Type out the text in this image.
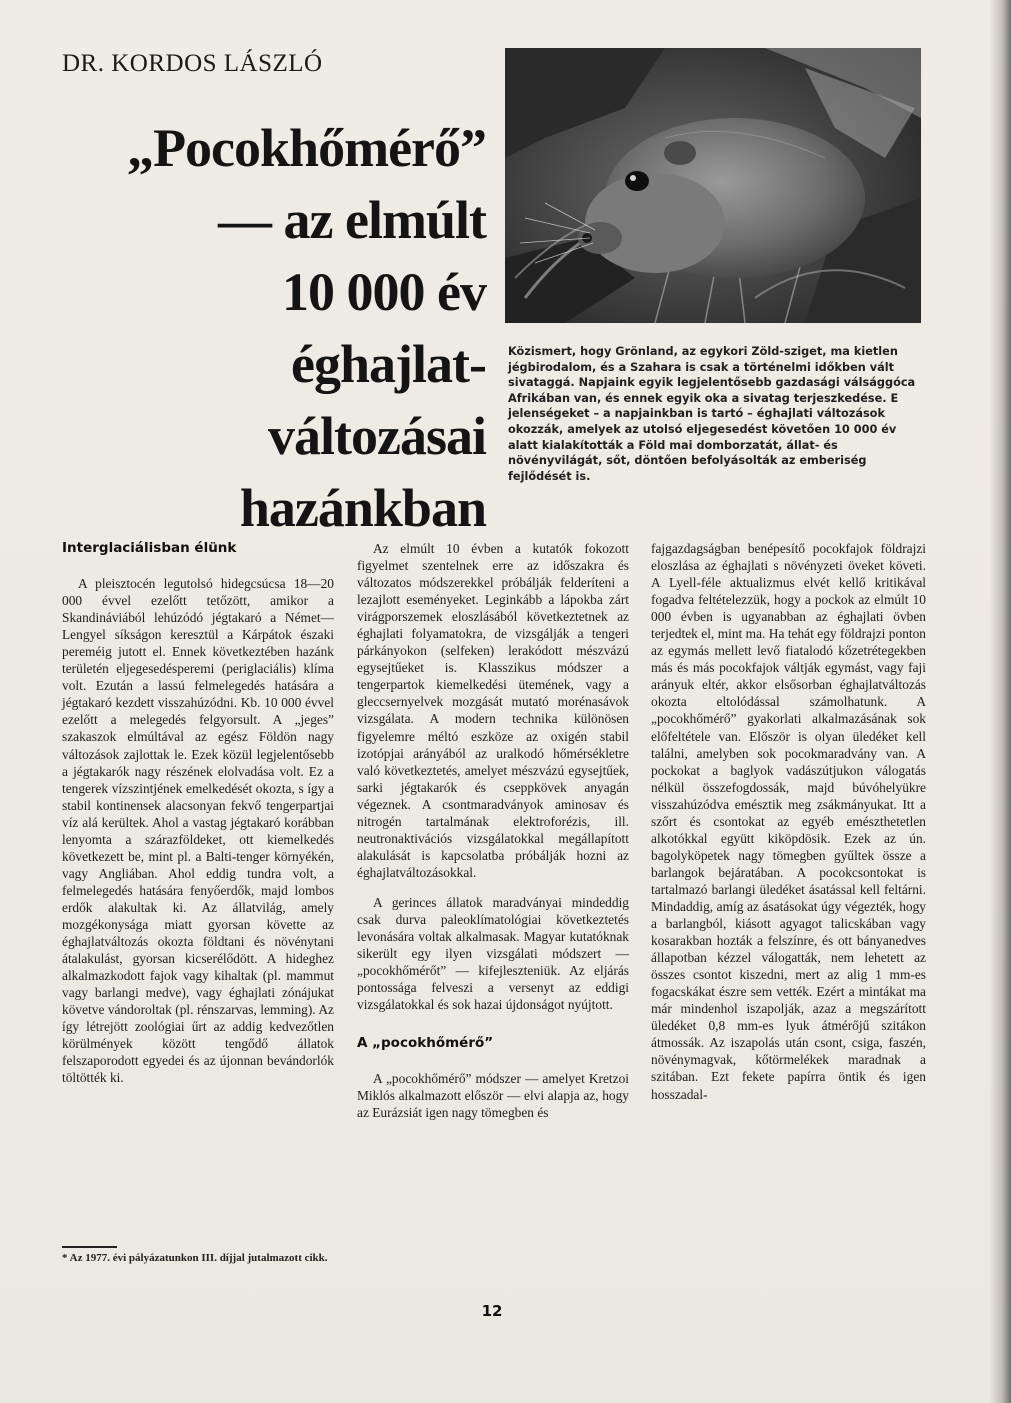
DR. KORDOS LÁSZLÓ
„Pocokhőmérő”
— az elmúlt
10 000 év
éghajlat-
változásai
hazánkban

Közismert, hogy Grönland, az egykori Zöld-sziget, ma kietlen jégbirodalom, és a Szahara is csak a történelmi időkben vált sivataggá. Napjaink egyik legjelentősebb gazdasági válsággóca Afrikában van, és ennek egyik oka a sivatag terjeszkedése. E jelenségeket – a napjainkban is tartó – éghajlati változások okozzák, amelyek az utolsó eljegesedést követően 10 000 év alatt kialakították a Föld mai domborzatát, állat- és növényvilágát, sőt, döntően befolyásolták az emberiség fejlődését is.

Interglaciálisban élünk

A pleisztocén legutolsó hidegcsúcsa 18—20 000 évvel ezelőtt tetőzött, amikor a Skandináviából lehúzódó jégtakaró a Német—Lengyel síkságon keresztül a Kárpátok északi pereméig jutott el. Ennek következtében hazánk területén eljegesedésperemi (periglaciális) klíma volt. Ezután a lassú felmelegedés hatására a jégtakaró kezdett visszahúzódni. Kb. 10 000 évvel ezelőtt a melegedés felgyorsult. A „jeges” szakaszok elmúltával az egész Földön nagy változások zajlottak le. Ezek közül legjelentősebb a jégtakarók nagy részének elolvadása volt. Ez a tengerek vízszintjének emelkedését okozta, s így a stabil kontinensek alacsonyan fekvő tengerpartjai víz alá kerültek. Ahol a vastag jégtakaró korábban lenyomta a szárazföldeket, ott kiemelkedés következett be, mint pl. a Balti-tenger környékén, vagy Angliában. Ahol eddig tundra volt, a felmelegedés hatására fenyőerdők, majd lombos erdők alakultak ki. Az állatvilág, amely mozgékonysága miatt gyorsan követte az éghajlatváltozás okozta földtani és növénytani átalakulást, gyorsan kicserélődött. A hideghez alkalmazkodott fajok vagy kihaltak (pl. mammut vagy barlangi medve), vagy éghajlati zónájukat követve vándoroltak (pl. rénszarvas, lemming). Az így létrejött zoológiai űrt az addig kedvezőtlen körülmények között tengődő állatok felszaporodott egyedei és az újonnan bevándorlók töltötték ki.

Az elmúlt 10 évben a kutatók fokozott figyelmet szentelnek erre az időszakra és változatos módszerekkel próbálják felderíteni a lezajlott eseményeket. Leginkább a lápokba zárt virágporszemek eloszlásából következtetnek az éghajlati folyamatokra, de vizsgálják a tengeri párkányokon (selfeken) lerakódott mészvázú egysejtűeket is. Klasszikus módszer a tengerpartok kiemelkedési ütemének, vagy a gleccsernyelvek mozgását mutató morénasávok vizsgálata. A modern technika különösen figyelemre méltó eszköze az oxigén stabil izotópjai arányából az uralkodó hőmérsékletre való következtetés, amelyet mészvázú egysejtűek, sarki jégtakarók és cseppkövek anyagán végeznek. A csontmaradványok aminosav és nitrogén tartalmának elektroforézis, ill. neutronaktivációs vizsgálatokkal megállapított alakulását is kapcsolatba próbálják hozni az éghajlatváltozásokkal.

A gerinces állatok maradványai mindeddig csak durva paleoklímatológiai következtetés levonására voltak alkalmasak. Magyar kutatóknak sikerült egy ilyen vizsgálati módszert — „pocokhőmérőt” — kifejleszteniük. Az eljárás pontossága felveszi a versenyt az eddigi vizsgálatokkal és sok hazai újdonságot nyújtott.

A „pocokhőmérő”

A „pocokhőmérő” módszer — amelyet Kretzoi Miklós alkalmazott először — elvi alapja az, hogy az Eurázsiát igen nagy tömegben és

fajgazdagságban benépesítő pocokfajok földrajzi eloszlása az éghajlati s növényzeti öveket követi. A Lyell-féle aktualizmus elvét kellő kritikával fogadva feltételezzük, hogy a pockok az elmúlt 10 000 évben is ugyanabban az éghajlati övben terjedtek el, mint ma. Ha tehát egy földrajzi ponton az egymás mellett levő fiatalodó kőzetrétegekben más és más pocokfajok váltják egymást, vagy faji arányuk eltér, akkor elsősorban éghajlatváltozás okozta eltolódással számolhatunk. A „pocokhőmérő” gyakorlati alkalmazásának sok előfeltétele van. Először is olyan üledéket kell találni, amelyben sok pocokmaradvány van. A pockokat a baglyok vadászútjukon válogatás nélkül összefogdossák, majd búvóhelyükre visszahúzódva emésztik meg zsákmányukat. Itt a szőrt és csontokat az egyéb emészthetetlen alkotókkal együtt kiköpdösik. Ezek az ún. bagolyköpetek nagy tömegben gyűltek össze a barlangok bejáratában. A pocokcsontokat is tartalmazó barlangi üledéket ásatással kell feltárni. Mindaddig, amíg az ásatásokat úgy végezték, hogy a barlangból, kiásott agyagot talicskában vagy kosarakban hozták a felszínre, és ott bányanedves állapotban kézzel válogatták, nem lehetett az összes csontot kiszedni, mert az alig 1 mm-es fogacskákat észre sem vették. Ezért a mintákat ma már mindenhol iszapolják, azaz a megszárított üledéket 0,8 mm-es lyuk átmérőjű szitákon átmossák. Az iszapolás után csont, csiga, faszén, növénymagvak, kőtörmelékek maradnak a szitában. Ezt fekete papírra öntik és igen hosszadal-

* Az 1977. évi pályázatunkon III. díjjal jutalmazott cikk.
12
